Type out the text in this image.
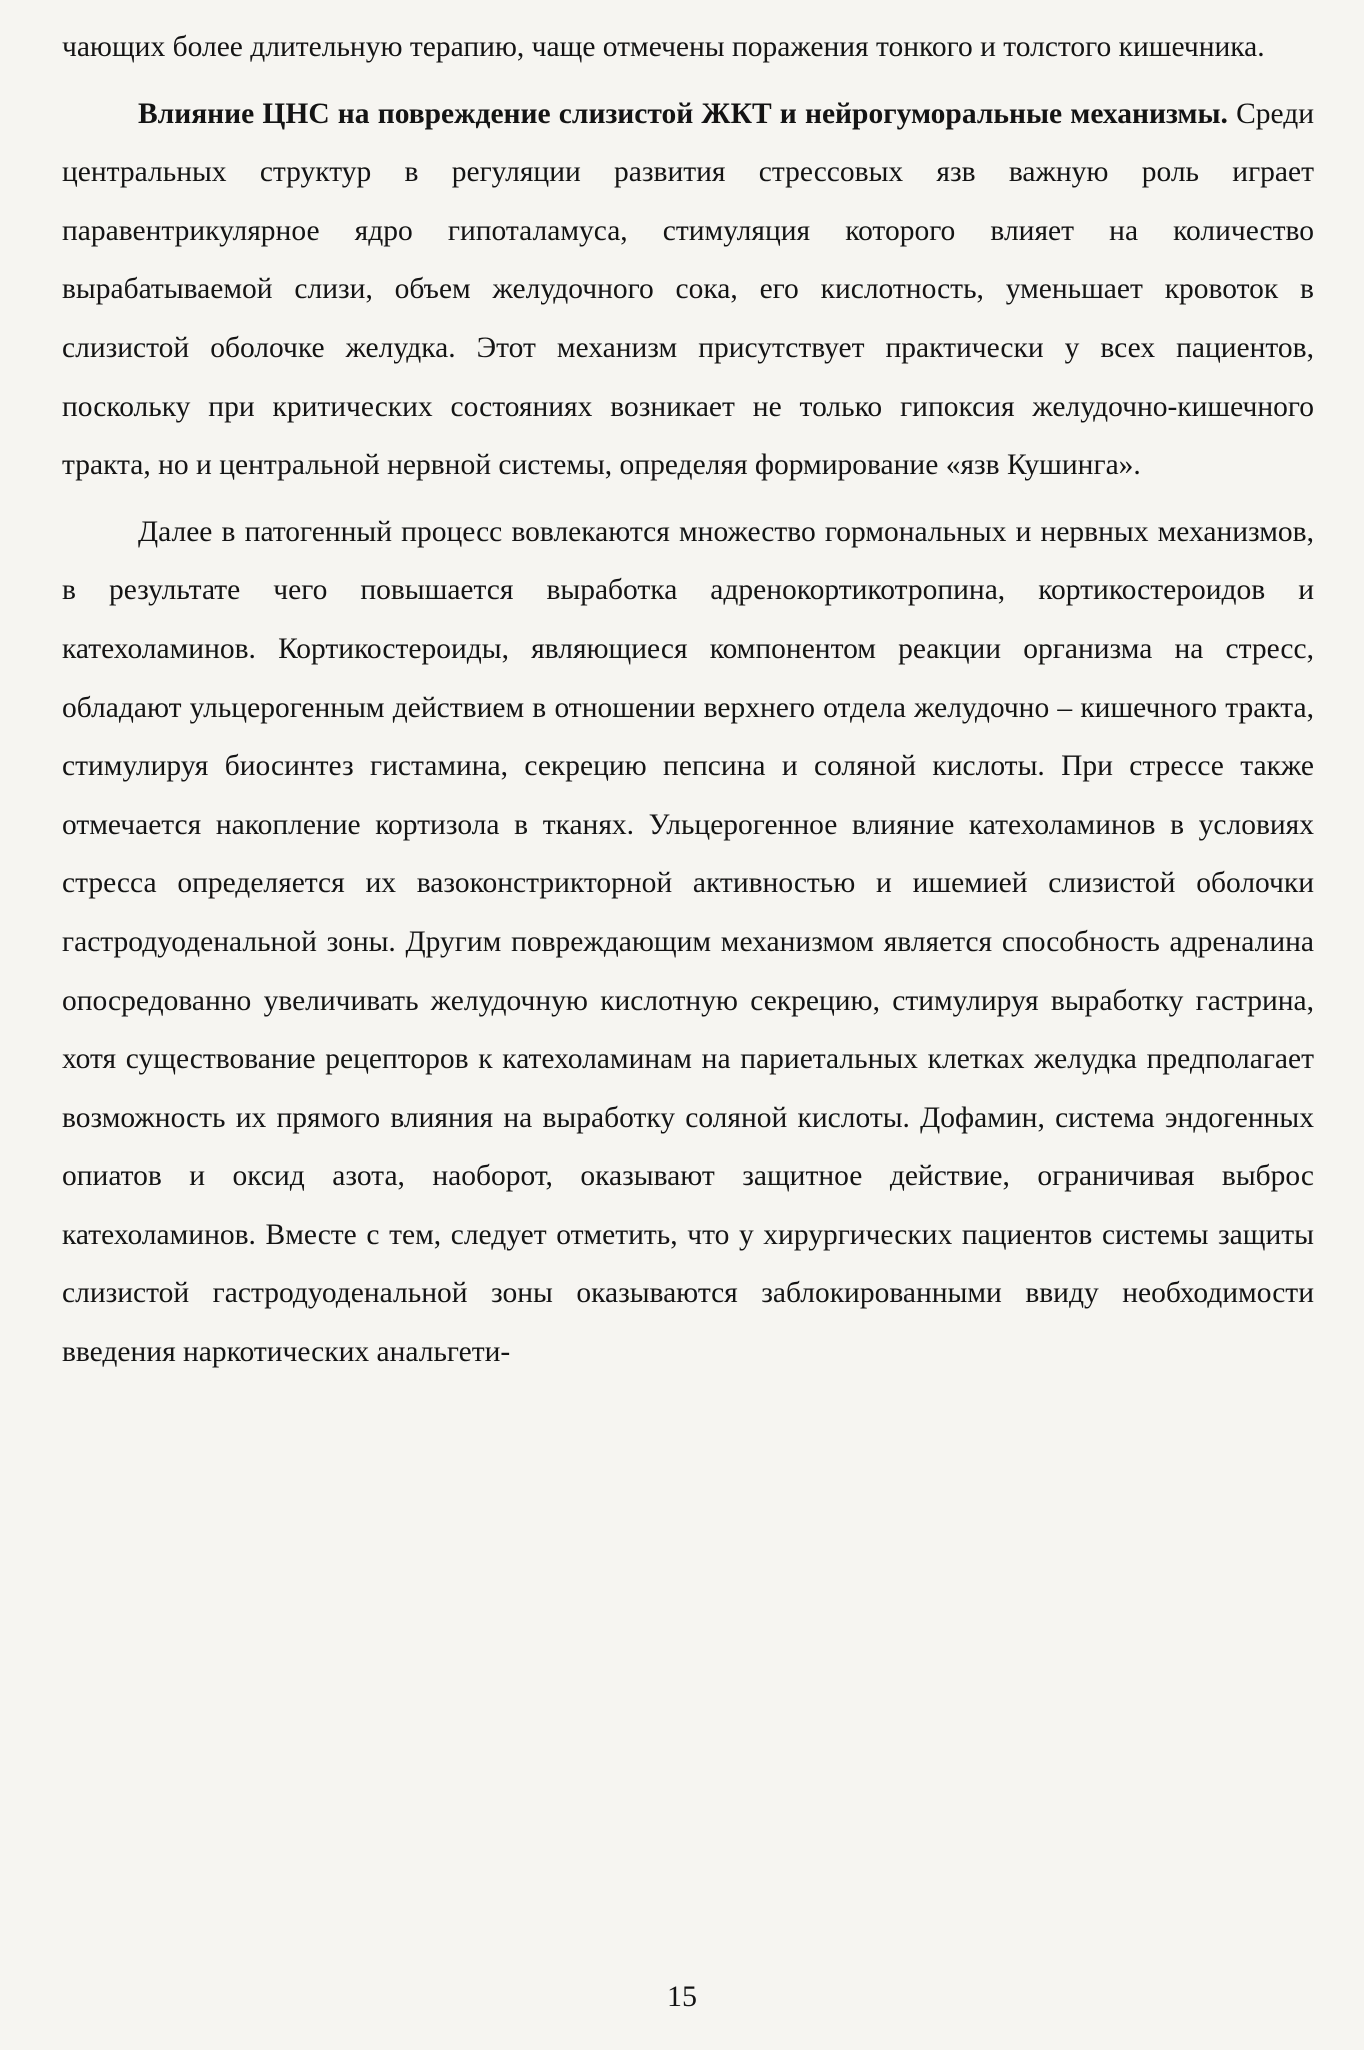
чающих более длительную терапию, чаще отмечены поражения тонкого и толстого кишечника.

Влияние ЦНС на повреждение слизистой ЖКТ и нейрогуморальные механизмы. Среди центральных структур в регуляции развития стрессовых язв важную роль играет паравентрикулярное ядро гипоталамуса, стимуляция которого влияет на количество вырабатываемой слизи, объем желудочного сока, его кислотность, уменьшает кровоток в слизистой оболочке желудка. Этот механизм присутствует практически у всех пациентов, поскольку при критических состояниях возникает не только гипоксия желудочно-кишечного тракта, но и центральной нервной системы, определяя формирование «язв Кушинга».

Далее в патогенный процесс вовлекаются множество гормональных и нервных механизмов, в результате чего повышается выработка адренокортикотропина, кортикостероидов и катехоламинов. Кортикостероиды, являющиеся компонентом реакции организма на стресс, обладают ульцерогенным действием в отношении верхнего отдела желудочно – кишечного тракта, стимулируя биосинтез гистамина, секрецию пепсина и соляной кислоты. При стрессе также отмечается накопление кортизола в тканях. Ульцерогенное влияние катехоламинов в условиях стресса определяется их вазоконстрикторной активностью и ишемией слизистой оболочки гастродуоденальной зоны. Другим повреждающим механизмом является способность адреналина опосредованно увеличивать желудочную кислотную секрецию, стимулируя выработку гастрина, хотя существование рецепторов к катехоламинам на париетальных клетках желудка предполагает возможность их прямого влияния на выработку соляной кислоты. Дофамин, система эндогенных опиатов и оксид азота, наоборот, оказывают защитное действие, ограничивая выброс катехоламинов. Вместе с тем, следует отметить, что у хирургических пациентов системы защиты слизистой гастродуоденальной зоны оказываются заблокированными ввиду необходимости введения наркотических анальгети-

15
